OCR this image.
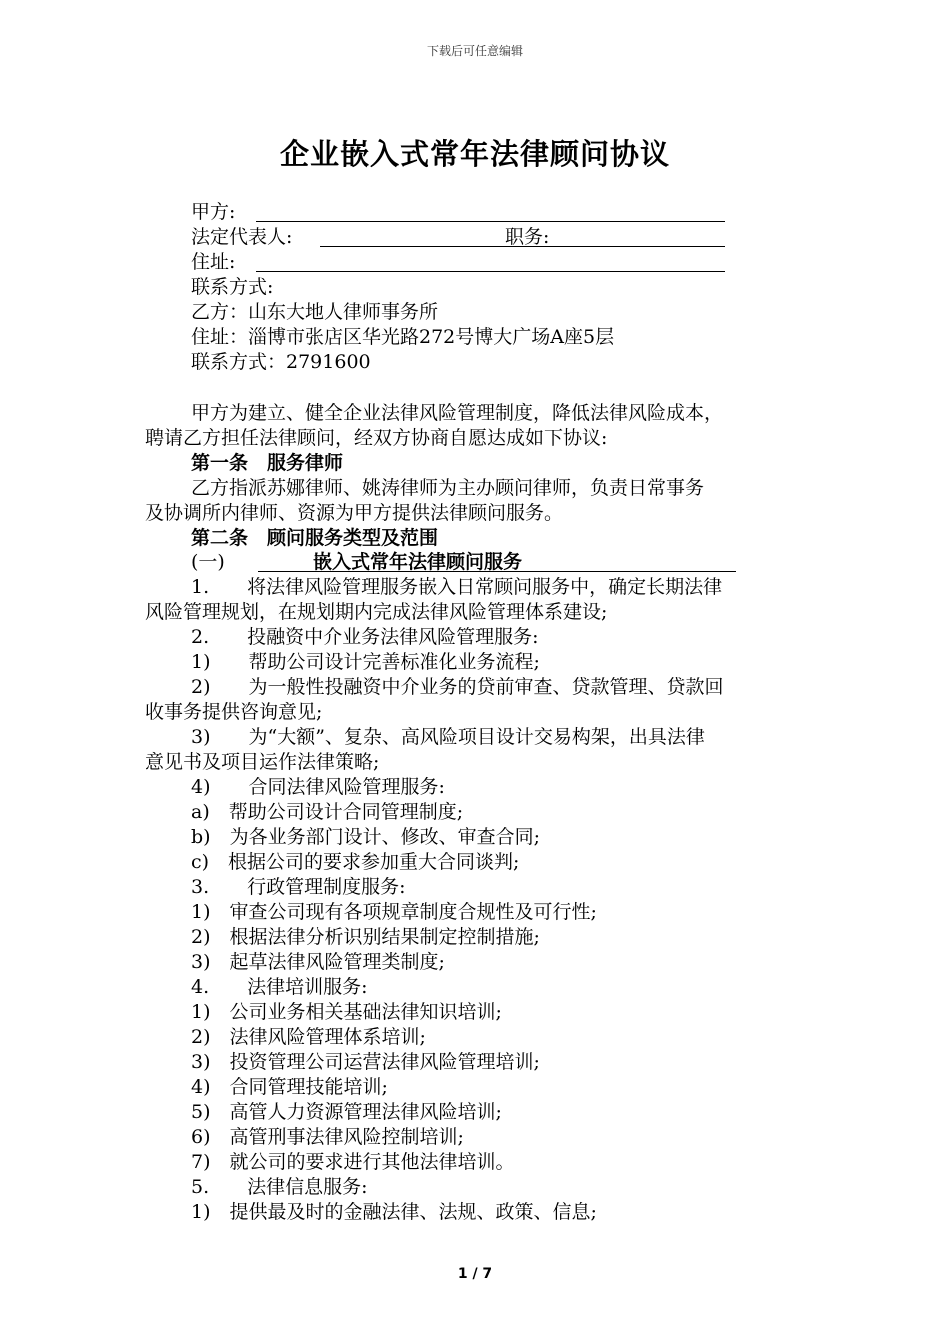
下载后可任意编辑
企业嵌入式常年法律顾问协议
甲方:
法定代表人:	职务:
住址:
联系方式:
乙方：山东大地人律师事务所
住址：淄博市张店区华光路272号博大广场A座5层
联系方式：2791600
甲方为建立、健全企业法律风险管理制度，降低法律风险成本，
聘请乙方担任法律顾问，经双方协商自愿达成如下协议:
第一条　服务律师
乙方指派苏娜律师、姚涛律师为主办顾问律师，负责日常事务
及协调所内律师、资源为甲方提供法律顾问服务。
第二条　顾问服务类型及范围
(一)	嵌入式常年法律顾问服务
1.　　将法律风险管理服务嵌入日常顾问服务中，确定长期法律
风险管理规划，在规划期内完成法律风险管理体系建设;
2.　　投融资中介业务法律风险管理服务:
1)　　帮助公司设计完善标准化业务流程;
2)　　为一般性投融资中介业务的贷前审查、贷款管理、贷款回
收事务提供咨询意见;
3)　　为“大额”、复杂、高风险项目设计交易构架，出具法律
意见书及项目运作法律策略;
4)　　合同法律风险管理服务:
a)　帮助公司设计合同管理制度;
b)　为各业务部门设计、修改、审查合同;
c)　根据公司的要求参加重大合同谈判;
3.　　行政管理制度服务:
1)　审查公司现有各项规章制度合规性及可行性;
2)　根据法律分析识别结果制定控制措施;
3)　起草法律风险管理类制度;
4.　　法律培训服务:
1)　公司业务相关基础法律知识培训;
2)　法律风险管理体系培训;
3)　投资管理公司运营法律风险管理培训;
4)　合同管理技能培训;
5)　高管人力资源管理法律风险培训;
6)　高管刑事法律风险控制培训;
7)　就公司的要求进行其他法律培训。
5.　　法律信息服务:
1)　提供最及时的金融法律、法规、政策、信息;
1 / 7
